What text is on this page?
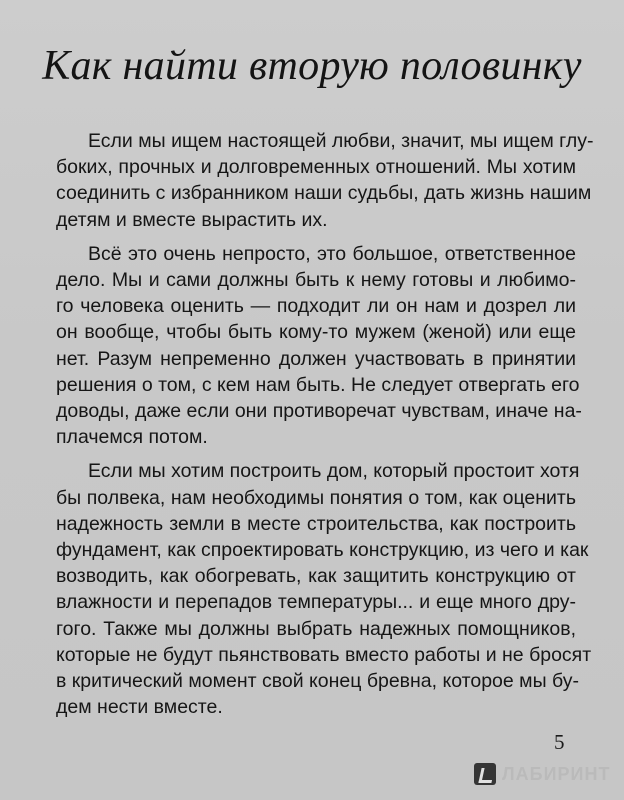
Как найти вторую половинку
Если мы ищем настоящей любви, значит, мы ищем глу-
боких, прочных и долговременных отношений. Мы хотим
соединить с избранником наши судьбы, дать жизнь нашим
детям и вместе вырастить их.
Всё это очень непросто, это большое, ответственное
дело. Мы и сами должны быть к нему готовы и любимо-
го человека оценить — подходит ли он нам и дозрел ли
он вообще, чтобы быть кому-то мужем (женой) или еще
нет. Разум непременно должен участвовать в принятии
решения о том, с кем нам быть. Не следует отвергать его
доводы, даже если они противоречат чувствам, иначе на-
плачемся потом.
Если мы хотим построить дом, который простоит хотя
бы полвека, нам необходимы понятия о том, как оценить
надежность земли в месте строительства, как построить
фундамент, как спроектировать конструкцию, из чего и как
возводить, как обогревать, как защитить конструкцию от
влажности и перепадов температуры... и еще много дру-
гого. Также мы должны выбрать надежных помощников,
которые не будут пьянствовать вместо работы и не бросят
в критический момент свой конец бревна, которое мы бу-
дем нести вместе.
5
ЛАБИРИНТ
